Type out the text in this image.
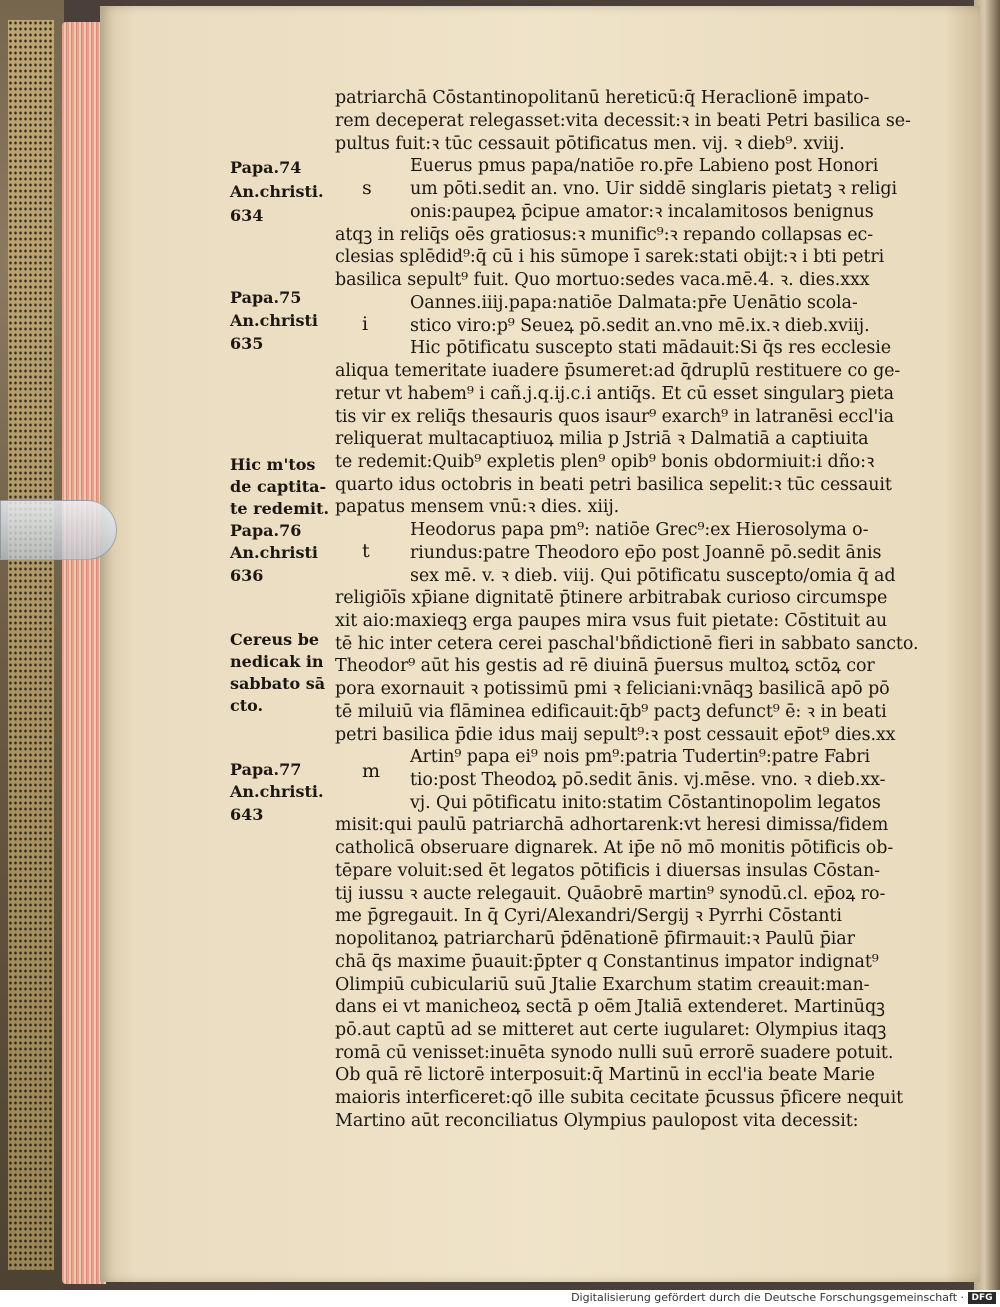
patriarchā Cōstantinopolitanū hereticū:q̄ Heraclionē impato-
rem deceperat relegasset:vita decessit:ꝛ in beati Petri basilica se-
pultus fuit:ꝛ tūc cessauit pōtificatus men. vij. ꝛ dieb⁹. xviij.
Euerus pmus papa/natiōe ro.pr̄e Labieno post Honori
um pōti.sedit an. vno. Uir siddē singlaris pietatꝫ ꝛ religi
onis:paupeꝝ p̄cipue amator:ꝛ incalamitosos benignus
atqꝫ in reliq̄s oēs gratiosus:ꝛ munific⁹:ꝛ repando collapsas ec-
clesias splēdid⁹:q̄ cū i his sūmope ī sarek:stati obijt:ꝛ i bti petri
basilica sepult⁹ fuit. Quo mortuo:sedes vaca.mē.4. ꝛ. dies.xxx
Oannes.iiij.papa:natiōe Dalmata:pr̄e Uenātio scola-
stico viro:p⁹ Seueꝝ pō.sedit an.vno mē.ix.ꝛ dieb.xviij.
Hic pōtificatu suscepto stati mādauit:Si q̄s res ecclesie
aliqua temeritate iuadere p̄sumeret:ad q̄druplū restituere co ge-
retur vt habem⁹ i cañ.j.q.ij.c.i antiq̄s. Et cū esset singularꝫ pieta
tis vir ex reliq̄s thesauris quos isaur⁹ exarch⁹ in latranēsi eccl'ia
reliquerat multacaptiuoꝝ milia p Jstriā ꝛ Dalmatiā a captiuita
te redemit:Quib⁹ expletis plen⁹ opib⁹ bonis obdormiuit:i dño:ꝛ
quarto idus octobris in beati petri basilica sepelit:ꝛ tūc cessauit
papatus mensem vnū:ꝛ dies. xiij.
Heodorus papa pm⁹: natiōe Grec⁹:ex Hierosolyma o-
riundus:patre Theodoro ep̄o post Joannē pō.sedit ānis
sex mē. v. ꝛ dieb. viij. Qui pōtificatu suscepto/omia q̄ ad
religiōīs xp̄iane dignitatē p̄tinere arbitrabak curioso circumspe
xit aio:maxieqꝫ erga paupes mira vsus fuit pietate: Cōstituit au
tē hic inter cetera cerei paschal'bñdictionē fieri in sabbato sancto.
Theodor⁹ aūt his gestis ad rē diuinā p̄uersus multoꝝ sctōꝝ cor
pora exornauit ꝛ potissimū pmi ꝛ feliciani:vnāqꝫ basilicā apō pō
tē miluiū via flāminea edificauit:q̄b⁹ pactꝫ defunct⁹ ē: ꝛ in beati
petri basilica p̄die idus maij sepult⁹:ꝛ post cessauit ep̄ot⁹ dies.xx
Artin⁹ papa ei⁹ nois pm⁹:patria Tudertin⁹:patre Fabri
tio:post Theodoꝝ pō.sedit ānis. vj.mēse. vno. ꝛ dieb.xx-
vj. Qui pōtificatu inito:statim Cōstantinopolim legatos
misit:qui paulū patriarchā adhortarenk:vt heresi dimissa/fidem
catholicā obseruare dignarek. At ip̄e nō mō monitis pōtificis ob-
tēpare voluit:sed ēt legatos pōtificis i diuersas insulas Cōstan-
tij iussu ꝛ aucte relegauit. Quāobrē martin⁹ synodū.cl. ep̄oꝝ ro-
me p̄gregauit. In q̄ Cyri/Alexandri/Sergij ꝛ Pyrrhi Cōstanti
nopolitanoꝝ patriarcharū p̄dēnationē p̄firmauit:ꝛ Paulū p̄iar
chā q̄s maxime p̄uauit:p̄pter q Constantinus impator indignat⁹
Olimpiū cubiculariū suū Jtalie Exarchum statim creauit:man-
dans ei vt manicheoꝝ sectā p oēm Jtaliā extenderet. Martinūqꝫ
pō.aut captū ad se mitteret aut certe iugularet: Olympius itaqꝫ
romā cū venisset:inuēta synodo nulli suū errorē suadere potuit.
Ob quā rē lictorē interposuit:q̄ Martinū in eccl'ia beate Marie
maioris interficeret:qō ille subita cecitate p̄cussus p̄ficere nequit
Martino aūt reconciliatus Olympius paulopost vita decessit:
s
i
t
m
Papa.74
An.christi.
634
Papa.75
An.christi
635
Hic m'tos
de captita-
te redemit.
Papa.76
An.christi
636
Cereus be
nedicak in
sabbato sā
cto.
Papa.77
An.christi.
643
Digitalisierung gefördert durch die Deutsche Forschungsgemeinschaft · DFG
